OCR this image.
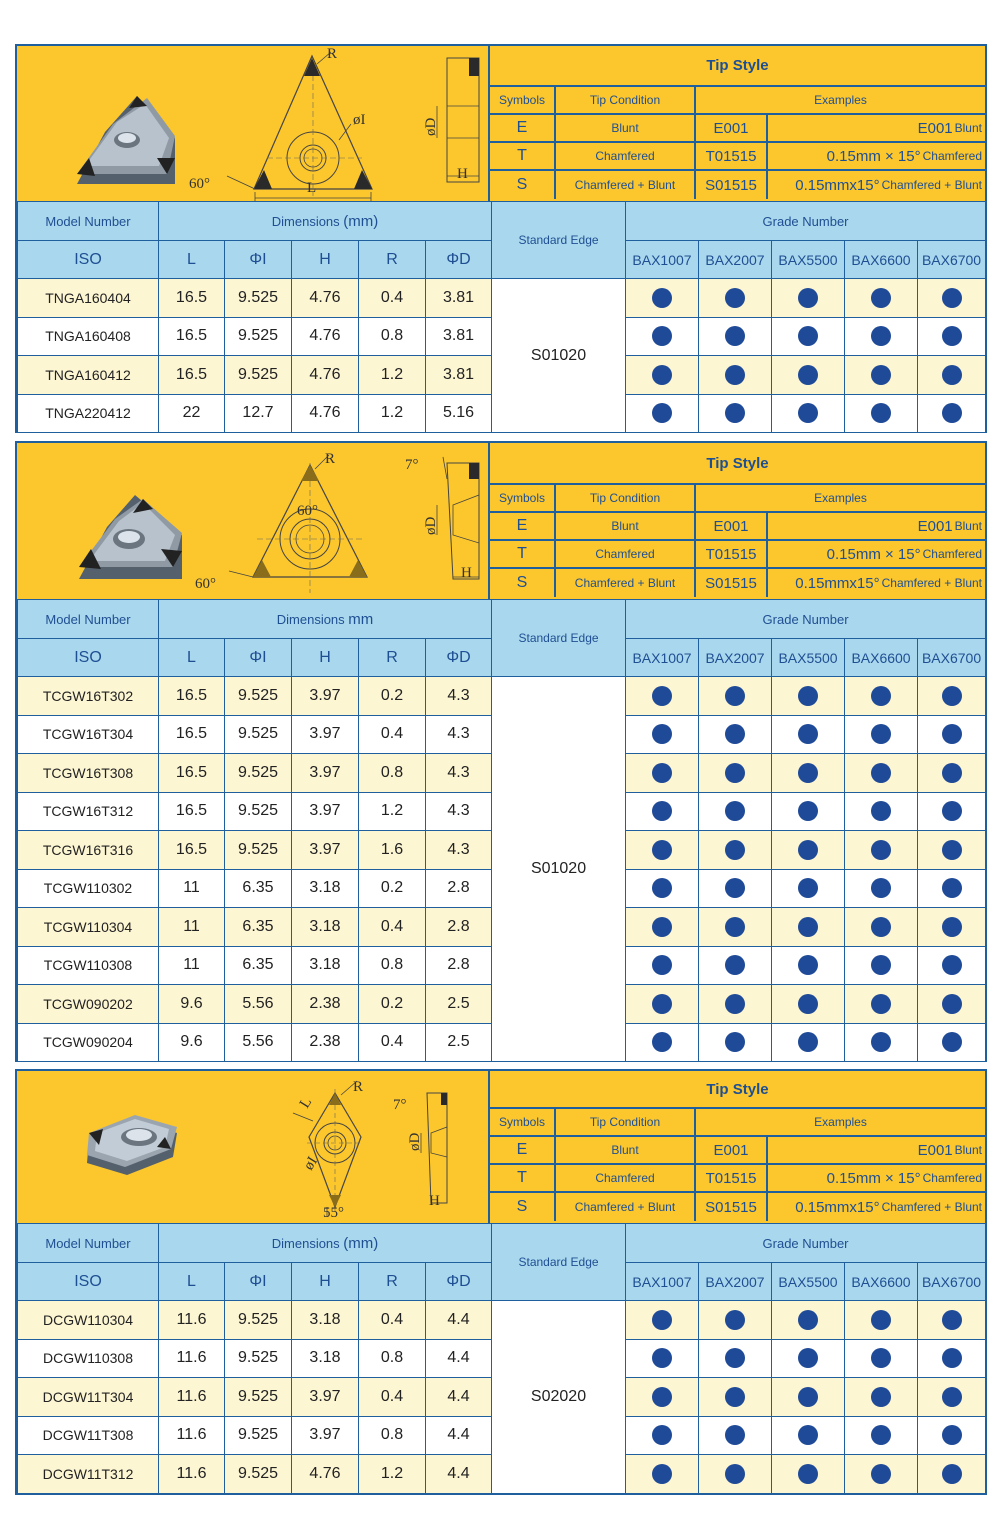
R
øI
L
60°
øD
H
Tip Style
Symbols	Tip Condition	Examples
E	Blunt	E001	E001 Blunt
T	Chamfered	T01515	0.15mm × 15° Chamfered
S	Chamfered + Blunt	S01515	0.15mmx15° Chamfered + Blunt
Model Number	Dimensions (mm)					Standard Edge	Grade Number				
ISO	L	ΦI	H	R	ΦD		BAX1007	BAX2007	BAX5500	BAX6600	BAX6700
TNGA160404	16.5	9.525	4.76	0.4	3.81	S01020					
TNGA160408	16.5	9.525	4.76	0.8	3.81						
TNGA160412	16.5	9.525	4.76	1.2	3.81						
TNGA220412	22	12.7	4.76	1.2	5.16						
R
60°
60°
7°
øD
H
Tip Style
Symbols	Tip Condition	Examples
E	Blunt	E001	E001 Blunt
T	Chamfered	T01515	0.15mm × 15° Chamfered
S	Chamfered + Blunt	S01515	0.15mmx15° Chamfered + Blunt
Model Number	Dimensions mm					Standard Edge	Grade Number				
ISO	L	ΦI	H	R	ΦD		BAX1007	BAX2007	BAX5500	BAX6600	BAX6700
TCGW16T302	16.5	9.525	3.97	0.2	4.3	S01020					
TCGW16T304	16.5	9.525	3.97	0.4	4.3						
TCGW16T308	16.5	9.525	3.97	0.8	4.3						
TCGW16T312	16.5	9.525	3.97	1.2	4.3						
TCGW16T316	16.5	9.525	3.97	1.6	4.3						
TCGW110302	11	6.35	3.18	0.2	2.8						
TCGW110304	11	6.35	3.18	0.4	2.8						
TCGW110308	11	6.35	3.18	0.8	2.8						
TCGW090202	9.6	5.56	2.38	0.2	2.5						
TCGW090204	9.6	5.56	2.38	0.4	2.5						
R
L
øI
55°
7°
øD
H
Tip Style
Symbols	Tip Condition	Examples
E	Blunt	E001	E001 Blunt
T	Chamfered	T01515	0.15mm × 15° Chamfered
S	Chamfered + Blunt	S01515	0.15mmx15° Chamfered + Blunt
Model Number	Dimensions (mm)					Standard Edge	Grade Number				
ISO	L	ΦI	H	R	ΦD		BAX1007	BAX2007	BAX5500	BAX6600	BAX6700
DCGW110304	11.6	9.525	3.18	0.4	4.4	S02020					
DCGW110308	11.6	9.525	3.18	0.8	4.4						
DCGW11T304	11.6	9.525	3.97	0.4	4.4						
DCGW11T308	11.6	9.525	3.97	0.8	4.4						
DCGW11T312	11.6	9.525	4.76	1.2	4.4						
